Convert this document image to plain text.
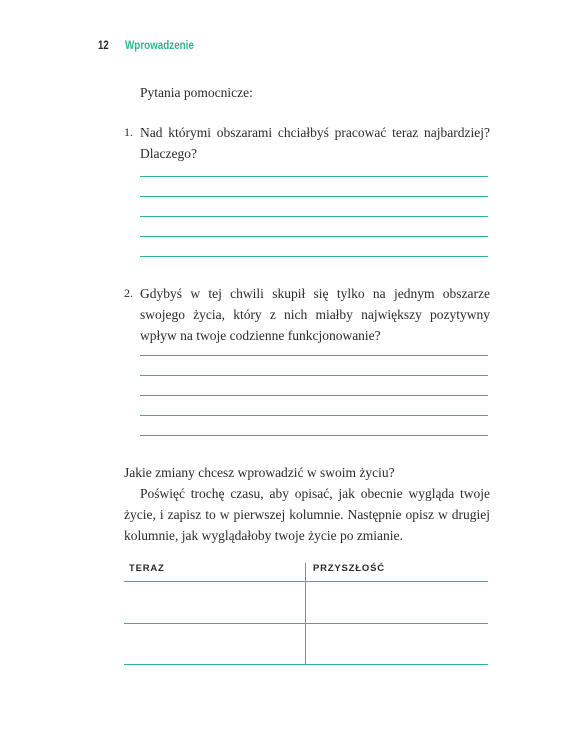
12 Wprowadzenie
Pytania pomocnicze:
1. Nad którymi obszarami chciałbyś pracować teraz najbardziej? Dlaczego?
2. Gdybyś w tej chwili skupił się tylko na jednym obszarze swojego życia, który z nich miałby największy pozytywny wpływ na twoje codzienne funkcjonowanie?

Jakie zmiany chcesz wprowadzić w swoim życiu?

Poświęć trochę czasu, aby opisać, jak obecnie wygląda twoje życie, i zapisz to w pierwszej kolumnie. Następnie opisz w drugiej kolumnie, jak wyglądałoby twoje życie po zmianie.

TERAZ	PRZYSZŁOŚĆ
